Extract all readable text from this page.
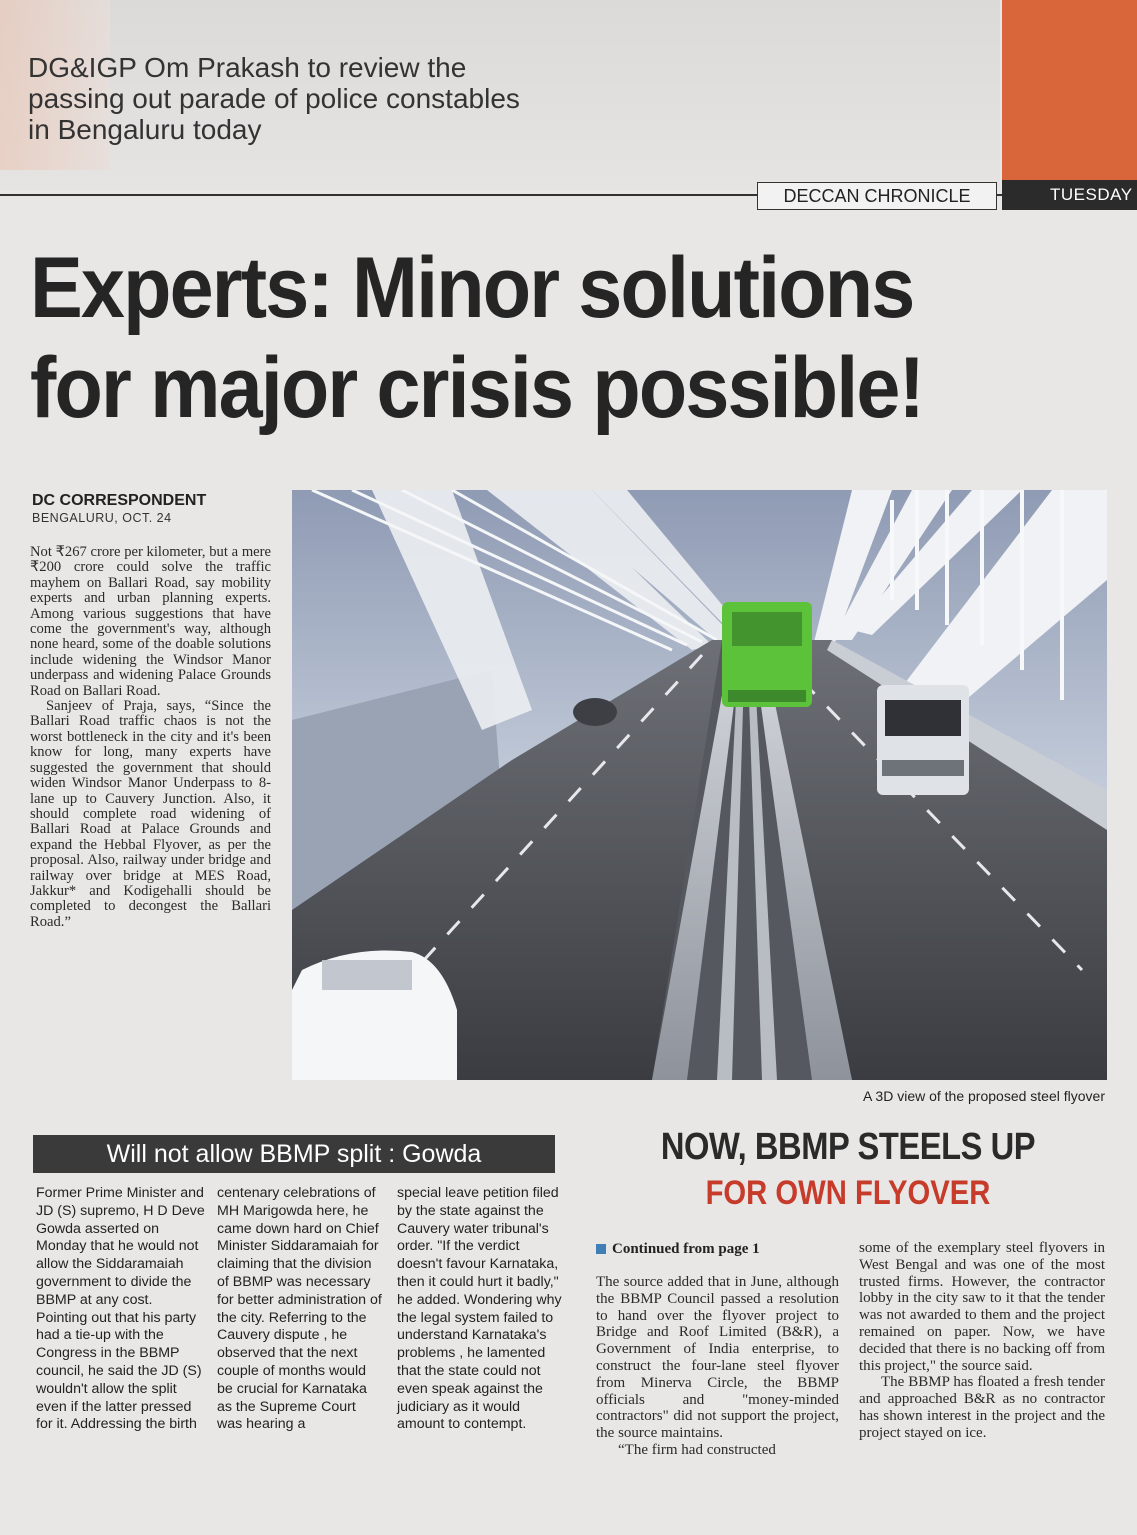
DG&IGP Om Prakash to review the passing out parade of police constables in Bengaluru today
DECCAN CHRONICLE	TUESDAY
Experts: Minor solutions
for major crisis possible!
DC CORRESPONDENT
BENGALURU, OCT. 24

Not ₹267 crore per kilometer, but a mere ₹200 crore could solve the traffic mayhem on Ballari Road, say mobility experts and urban planning experts. Among various suggestions that have come the government's way, although none heard, some of the doable solutions include widening the Windsor Manor underpass and widening Palace Grounds Road on Ballari Road.

Sanjeev of Praja, says, “Since the Ballari Road traffic chaos is not the worst bottleneck in the city and it's been know for long, many experts have suggested the government that should widen Windsor Manor Underpass to 8-lane up to Cauvery Junction. Also, it should complete road widening of Ballari Road at Palace Grounds and expand the Hebbal Flyover, as per the proposal. Also, railway under bridge and railway over bridge at MES Road, Jakkur* and Kodigehalli should be completed to decongest the Ballari Road.”

A 3D view of the proposed steel flyover
Will not allow BBMP split : Gowda
Former Prime Minister and JD (S) supremo, H D Deve Gowda asserted on Monday that he would not allow the Siddaramaiah government to divide the BBMP at any cost. Pointing out that his party had a tie-up with the Congress in the BBMP council, he said the JD (S) wouldn't allow the split even if the latter pressed for it. Addressing the birth
centenary celebrations of MH Marigowda here, he came down hard on Chief Minister Siddaramaiah for claiming that the division of BBMP was necessary for better administration of the city. Referring to the Cauvery dispute , he observed that the next couple of months would be crucial for Karnataka as the Supreme Court was hearing a
special leave petition filed by the state against the Cauvery water tribunal's order. "If the verdict doesn't favour Karnataka, then it could hurt it badly," he added. Wondering why the legal system failed to understand Karnataka's problems , he lamented that the state could not even speak against the judiciary as it would amount to contempt.
NOW, BBMP STEELS UP
FOR OWN FLYOVER
Continued from page 1

The source added that in June, although the BBMP Council passed a resolution to hand over the flyover project to Bridge and Roof Limited (B&R), a Government of India enterprise, to construct the four-lane steel flyover from Minerva Circle, the BBMP officials and "money-minded contractors" did not support the project, the source maintains.

“The firm had constructed

some of the exemplary steel flyovers in West Bengal and was one of the most trusted firms. However, the contractor lobby in the city saw to it that the tender was not awarded to them and the project remained on paper. Now, we have decided that there is no backing off from this project," the source said.

The BBMP has floated a fresh tender and approached B&R as no contractor has shown interest in the project and the project stayed on ice.
